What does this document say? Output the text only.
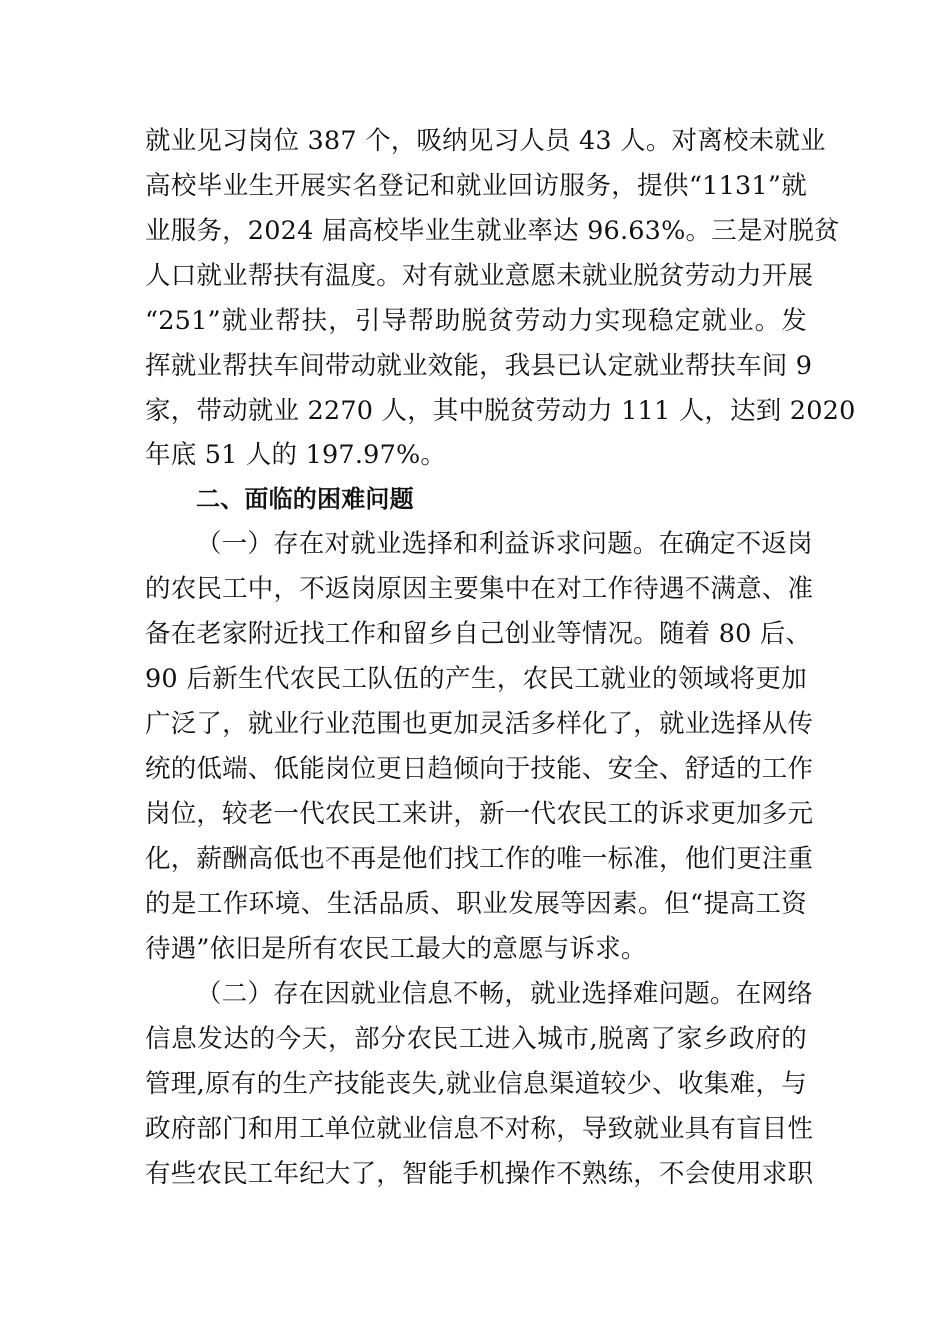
就业见习岗位 387 个，吸纳见习人员 43 人。对离校未就业
高校毕业生开展实名登记和就业回访服务，提供“1131”就
业服务，2024 届高校毕业生就业率达 96.63%。三是对脱贫
人口就业帮扶有温度。对有就业意愿未就业脱贫劳动力开展
“251”就业帮扶，引导帮助脱贫劳动力实现稳定就业。发
挥就业帮扶车间带动就业效能，我县已认定就业帮扶车间 9
家，带动就业 2270 人，其中脱贫劳动力 111 人，达到 2020
年底 51 人的 197.97%。
二、面临的困难问题
（一）存在对就业选择和利益诉求问题。在确定不返岗
的农民工中，不返岗原因主要集中在对工作待遇不满意、准
备在老家附近找工作和留乡自己创业等情况。随着 80 后、
90 后新生代农民工队伍的产生，农民工就业的领域将更加
广泛了，就业行业范围也更加灵活多样化了，就业选择从传
统的低端、低能岗位更日趋倾向于技能、安全、舒适的工作
岗位，较老一代农民工来讲，新一代农民工的诉求更加多元
化，薪酬高低也不再是他们找工作的唯一标准，他们更注重
的是工作环境、生活品质、职业发展等因素。但“提高工资
待遇”依旧是所有农民工最大的意愿与诉求。
（二）存在因就业信息不畅，就业选择难问题。在网络
信息发达的今天，部分农民工进入城市,脱离了家乡政府的
管理,原有的生产技能丧失,就业信息渠道较少、收集难，与
政府部门和用工单位就业信息不对称，导致就业具有盲目性
有些农民工年纪大了，智能手机操作不熟练，不会使用求职
